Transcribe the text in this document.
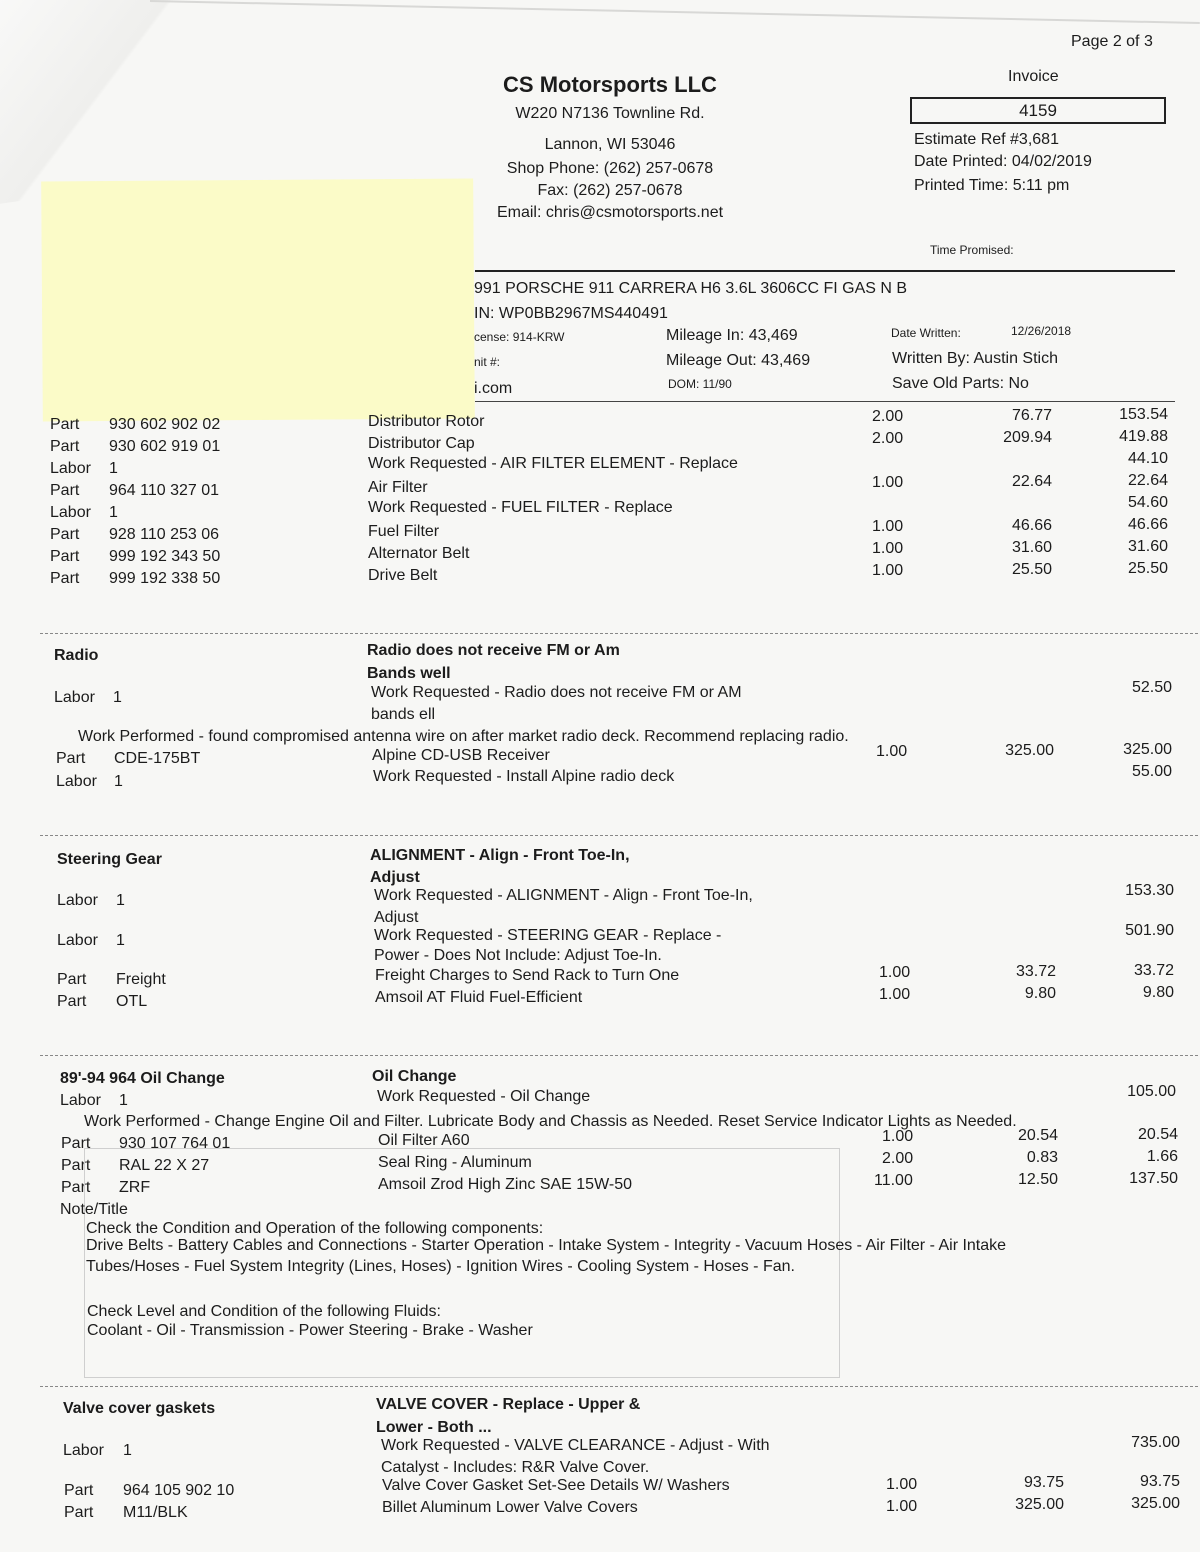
Page 2 of 3
CS Motorsports LLC
W220 N7136 Townline Rd.
Lannon, WI 53046
Shop Phone: (262) 257-0678
Fax: (262) 257-0678
Email: chris@csmotorsports.net
Invoice
4159
Estimate Ref #3,681
Date Printed: 04/02/2019
Printed Time: 5:11 pm
Time Promised:
991 PORSCHE 911 CARRERA H6 3.6L 3606CC FI GAS N B
IN: WP0BB2967MS440491
cense: 914-KRW
nit #:
i.com
Mileage In: 43,469
Mileage Out: 43,469
DOM: 11/90
Date Written:	12/26/2018
Written By: Austin Stich
Save Old Parts: No
Part 930 602 902 02	Distributor Rotor	2.00	76.77	153.54
Part 930 602 919 01	Distributor Cap	2.00	209.94	419.88
Labor 1	Work Requested - AIR FILTER ELEMENT - Replace	44.10
Part 964 110 327 01	Air Filter	1.00	22.64	22.64
Labor 1	Work Requested - FUEL FILTER - Replace	54.60
Part 928 110 253 06	Fuel Filter	1.00	46.66	46.66
Part 999 192 343 50	Alternator Belt	1.00	31.60	31.60
Part 999 192 338 50	Drive Belt	1.00	25.50	25.50
Radio	Radio does not receive FM or Am
Bands well
Labor 1	Work Requested - Radio does not receive FM or AM
bands ell
52.50
Work Performed - found compromised antenna wire on after market radio deck. Recommend replacing radio.
Part CDE-175BT	Alpine CD-USB Receiver	1.00	325.00	325.00
Labor 1	Work Requested - Install Alpine radio deck	55.00
Steering Gear	ALIGNMENT - Align - Front Toe-In,
Adjust
Labor 1	Work Requested - ALIGNMENT - Align - Front Toe-In,
Adjust
153.30
Labor 1	Work Requested - STEERING GEAR - Replace -
Power - Does Not Include: Adjust Toe-In.
501.90
Part Freight	Freight Charges to Send Rack to Turn One	1.00	33.72	33.72
Part OTL	Amsoil AT Fluid Fuel-Efficient	1.00	9.80	9.80
89'-94 964 Oil Change	Oil Change
Labor 1	Work Requested - Oil Change	105.00
Work Performed - Change Engine Oil and Filter. Lubricate Body and Chassis as Needed. Reset Service Indicator Lights as Needed.
Part 930 107 764 01	Oil Filter A60	1.00	20.54	20.54
Part RAL 22 X 27	Seal Ring - Aluminum	2.00	0.83	1.66
Part ZRF	Amsoil Zrod High Zinc SAE 15W-50	11.00	12.50	137.50
Note/Title
Check the Condition and Operation of the following components:
Drive Belts - Battery Cables and Connections - Starter Operation - Intake System - Integrity - Vacuum Hoses - Air Filter - Air Intake
Tubes/Hoses - Fuel System Integrity (Lines, Hoses) - Ignition Wires - Cooling System - Hoses - Fan.
Check Level and Condition of the following Fluids:
Coolant - Oil - Transmission - Power Steering - Brake - Washer
Valve cover gaskets	VALVE COVER - Replace - Upper &
Lower - Both ...
Labor 1	Work Requested - VALVE CLEARANCE - Adjust - With
Catalyst - Includes: R&R Valve Cover.
735.00
Part 964 105 902 10	Valve Cover Gasket Set-See Details W/ Washers	1.00	93.75	93.75
Part M11/BLK	Billet Aluminum Lower Valve Covers	1.00	325.00	325.00
